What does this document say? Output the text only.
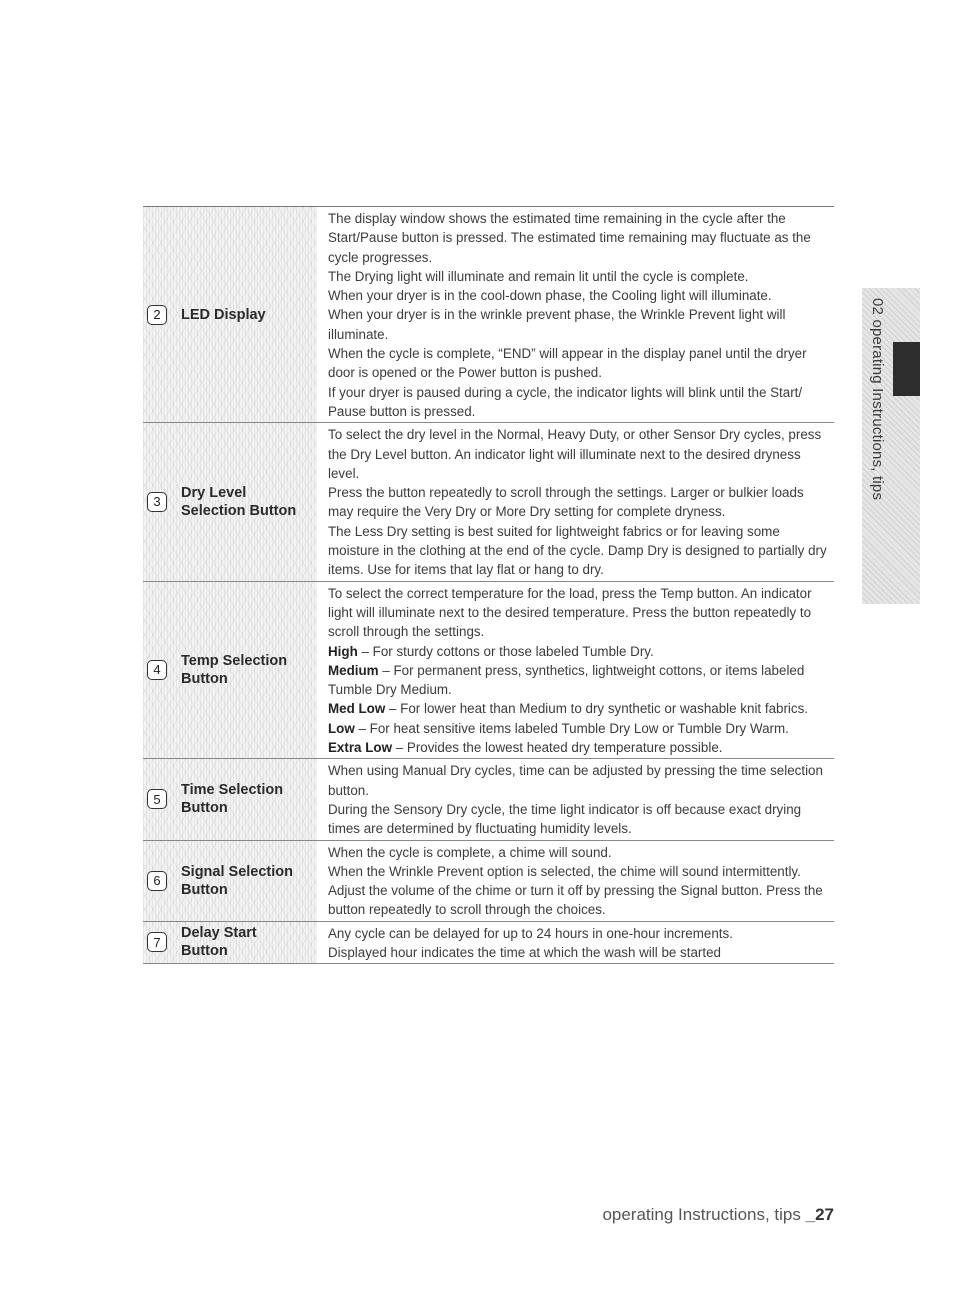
02 operating Instructions, tips
2	LED Display

The display window shows the estimated time remaining in the cycle after the Start/Pause button is pressed. The estimated time remaining may fluctuate as the cycle progresses.

The Drying light will illuminate and remain lit until the cycle is complete.

When your dryer is in the cool-down phase, the Cooling light will illuminate.

When your dryer is in the wrinkle prevent phase, the Wrinkle Prevent light will illuminate.

When the cycle is complete, “END” will appear in the display panel until the dryer door is opened or the Power button is pushed.

If your dryer is paused during a cycle, the indicator lights will blink until the Start/ Pause button is pressed.

3
Dry Level
Selection Button

To select the dry level in the Normal, Heavy Duty, or other Sensor Dry cycles, press the Dry Level button. An indicator light will illuminate next to the desired dryness level.

Press the button repeatedly to scroll through the settings. Larger or bulkier loads may require the Very Dry or More Dry setting for complete dryness.

The Less Dry setting is best suited for lightweight fabrics or for leaving some moisture in the clothing at the end of the cycle. Damp Dry is designed to partially dry items. Use for items that lay flat or hang to dry.

4
Temp Selection
Button

To select the correct temperature for the load, press the Temp button. An indicator light will illuminate next to the desired temperature. Press the button repeatedly to scroll through the settings.

High – For sturdy cottons or those labeled Tumble Dry.

Medium – For permanent press, synthetics, lightweight cottons, or items labeled Tumble Dry Medium.

Med Low – For lower heat than Medium to dry synthetic or washable knit fabrics.

Low – For heat sensitive items labeled Tumble Dry Low or Tumble Dry Warm.

Extra Low – Provides the lowest heated dry temperature possible.

5
Time Selection
Button

When using Manual Dry cycles, time can be adjusted by pressing the time selection button.

During the Sensory Dry cycle, the time light indicator is off because exact drying times are determined by fluctuating humidity levels.

6
Signal Selection
Button

When the cycle is complete, a chime will sound.

When the Wrinkle Prevent option is selected, the chime will sound intermittently.

Adjust the volume of the chime or turn it off by pressing the Signal button. Press the button repeatedly to scroll through the choices.

7
Delay Start
Button

Any cycle can be delayed for up to 24 hours in one-hour increments.

Displayed hour indicates the time at which the wash will be started

operating Instructions, tips _27
